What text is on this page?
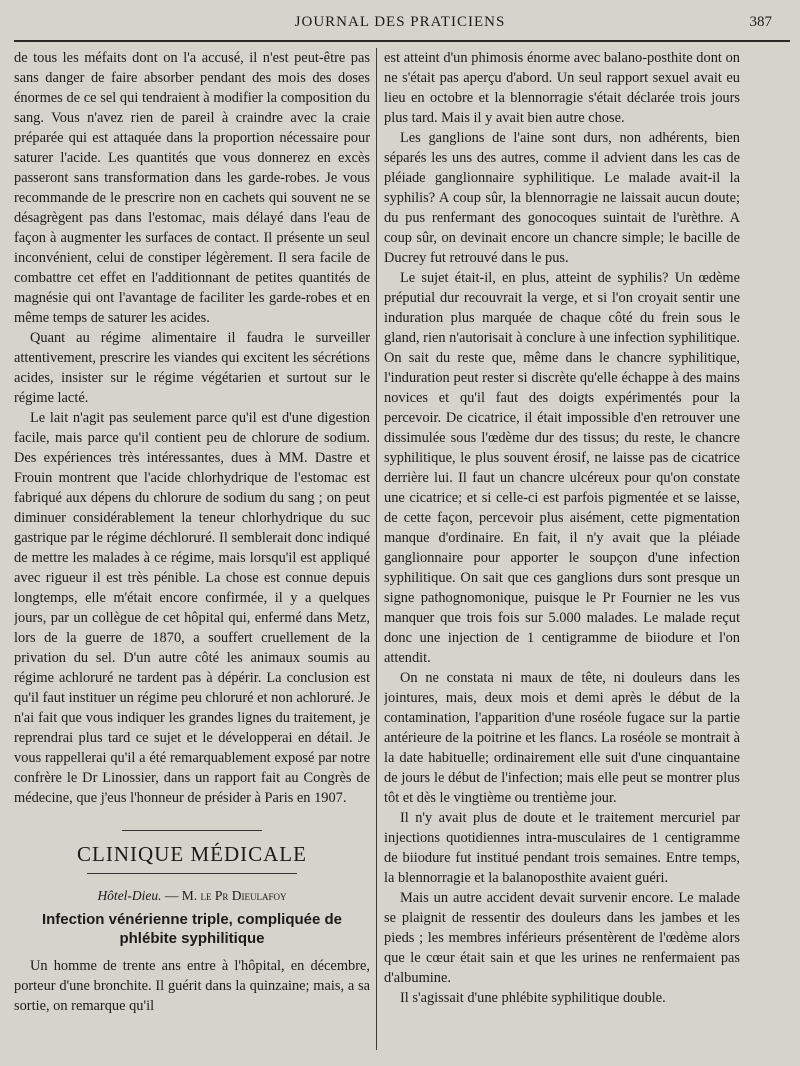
JOURNAL DES PRATICIENS	387

de tous les méfaits dont on l'a accusé, il n'est peut-être pas sans danger de faire absorber pendant des mois des doses énormes de ce sel qui tendraient à modifier la composition du sang. Vous n'avez rien de pareil à craindre avec la craie préparée qui est attaquée dans la proportion nécessaire pour saturer l'acide. Les quantités que vous donnerez en excès passeront sans transformation dans les garde-robes. Je vous recommande de le prescrire non en cachets qui souvent ne se désagrègent pas dans l'estomac, mais délayé dans l'eau de façon à augmenter les surfaces de contact. Il présente un seul inconvénient, celui de constiper légèrement. Il sera facile de combattre cet effet en l'additionnant de petites quantités de magnésie qui ont l'avantage de faciliter les garde-robes et en même temps de saturer les acides.

Quant au régime alimentaire il faudra le surveiller attentivement, prescrire les viandes qui excitent les sécrétions acides, insister sur le régime végétarien et surtout sur le régime lacté.

Le lait n'agit pas seulement parce qu'il est d'une digestion facile, mais parce qu'il contient peu de chlorure de sodium. Des expériences très intéressantes, dues à MM. Dastre et Frouin montrent que l'acide chlorhydrique de l'estomac est fabriqué aux dépens du chlorure de sodium du sang ; on peut diminuer considérablement la teneur chlorhydrique du suc gastrique par le régime déchloruré. Il semblerait donc indiqué de mettre les malades à ce régime, mais lorsqu'il est appliqué avec rigueur il est très pénible. La chose est connue depuis longtemps, elle m'était encore confirmée, il y a quelques jours, par un collègue de cet hôpital qui, enfermé dans Metz, lors de la guerre de 1870, a souffert cruellement de la privation du sel. D'un autre côté les animaux soumis au régime achloruré ne tardent pas à dépérir. La conclusion est qu'il faut instituer un régime peu chloruré et non achloruré. Je n'ai fait que vous indiquer les grandes lignes du traitement, je reprendrai plus tard ce sujet et le développerai en détail. Je vous rappellerai qu'il a été remarquablement exposé par notre confrère le Dr Linossier, dans un rapport fait au Congrès de médecine, que j'eus l'honneur de présider à Paris en 1907.

CLINIQUE MÉDICALE
Hôtel-Dieu. — M. le Pr Dieulafoy
Infection vénérienne triple, compliquée de phlébite syphilitique

Un homme de trente ans entre à l'hôpital, en décembre, porteur d'une bronchite. Il guérit dans la quinzaine; mais, a sa sortie, on remarque qu'il

est atteint d'un phimosis énorme avec balano-posthite dont on ne s'était pas aperçu d'abord. Un seul rapport sexuel avait eu lieu en octobre et la blennorragie s'était déclarée trois jours plus tard. Mais il y avait bien autre chose.

Les ganglions de l'aine sont durs, non adhérents, bien séparés les uns des autres, comme il advient dans les cas de pléiade ganglionnaire syphilitique. Le malade avait-il la syphilis? A coup sûr, la blennorragie ne laissait aucun doute; du pus renfermant des gonocoques suintait de l'urèthre. A coup sûr, on devinait encore un chancre simple; le bacille de Ducrey fut retrouvé dans le pus.

Le sujet était-il, en plus, atteint de syphilis? Un œdème préputial dur recouvrait la verge, et si l'on croyait sentir une induration plus marquée de chaque côté du frein sous le gland, rien n'autorisait à conclure à une infection syphilitique. On sait du reste que, même dans le chancre syphilitique, l'induration peut rester si discrète qu'elle échappe à des mains novices et qu'il faut des doigts expérimentés pour la percevoir. De cicatrice, il était impossible d'en retrouver une dissimulée sous l'œdème dur des tissus; du reste, le chancre syphilitique, le plus souvent érosif, ne laisse pas de cicatrice derrière lui. Il faut un chancre ulcéreux pour qu'on constate une cicatrice; et si celle-ci est parfois pigmentée et se laisse, de cette façon, percevoir plus aisément, cette pigmentation manque d'ordinaire. En fait, il n'y avait que la pléiade ganglionnaire pour apporter le soupçon d'une infection syphilitique. On sait que ces ganglions durs sont presque un signe pathognomonique, puisque le Pr Fournier ne les vus manquer que trois fois sur 5.000 malades. Le malade reçut donc une injection de 1 centigramme de biiodure et l'on attendit.

On ne constata ni maux de tête, ni douleurs dans les jointures, mais, deux mois et demi après le début de la contamination, l'apparition d'une roséole fugace sur la partie antérieure de la poitrine et les flancs. La roséole se montrait à la date habituelle; ordinairement elle suit d'une cinquantaine de jours le début de l'infection; mais elle peut se montrer plus tôt et dès le vingtième ou trentième jour.

Il n'y avait plus de doute et le traitement mercuriel par injections quotidiennes intra-musculaires de 1 centigramme de biiodure fut institué pendant trois semaines. Entre temps, la blennorragie et la balanoposthite avaient guéri.

Mais un autre accident devait survenir encore. Le malade se plaignit de ressentir des douleurs dans les jambes et les pieds ; les membres inférieurs présentèrent de l'œdème alors que le cœur était sain et que les urines ne renfermaient pas d'albumine.

Il s'agissait d'une phlébite syphilitique double.
